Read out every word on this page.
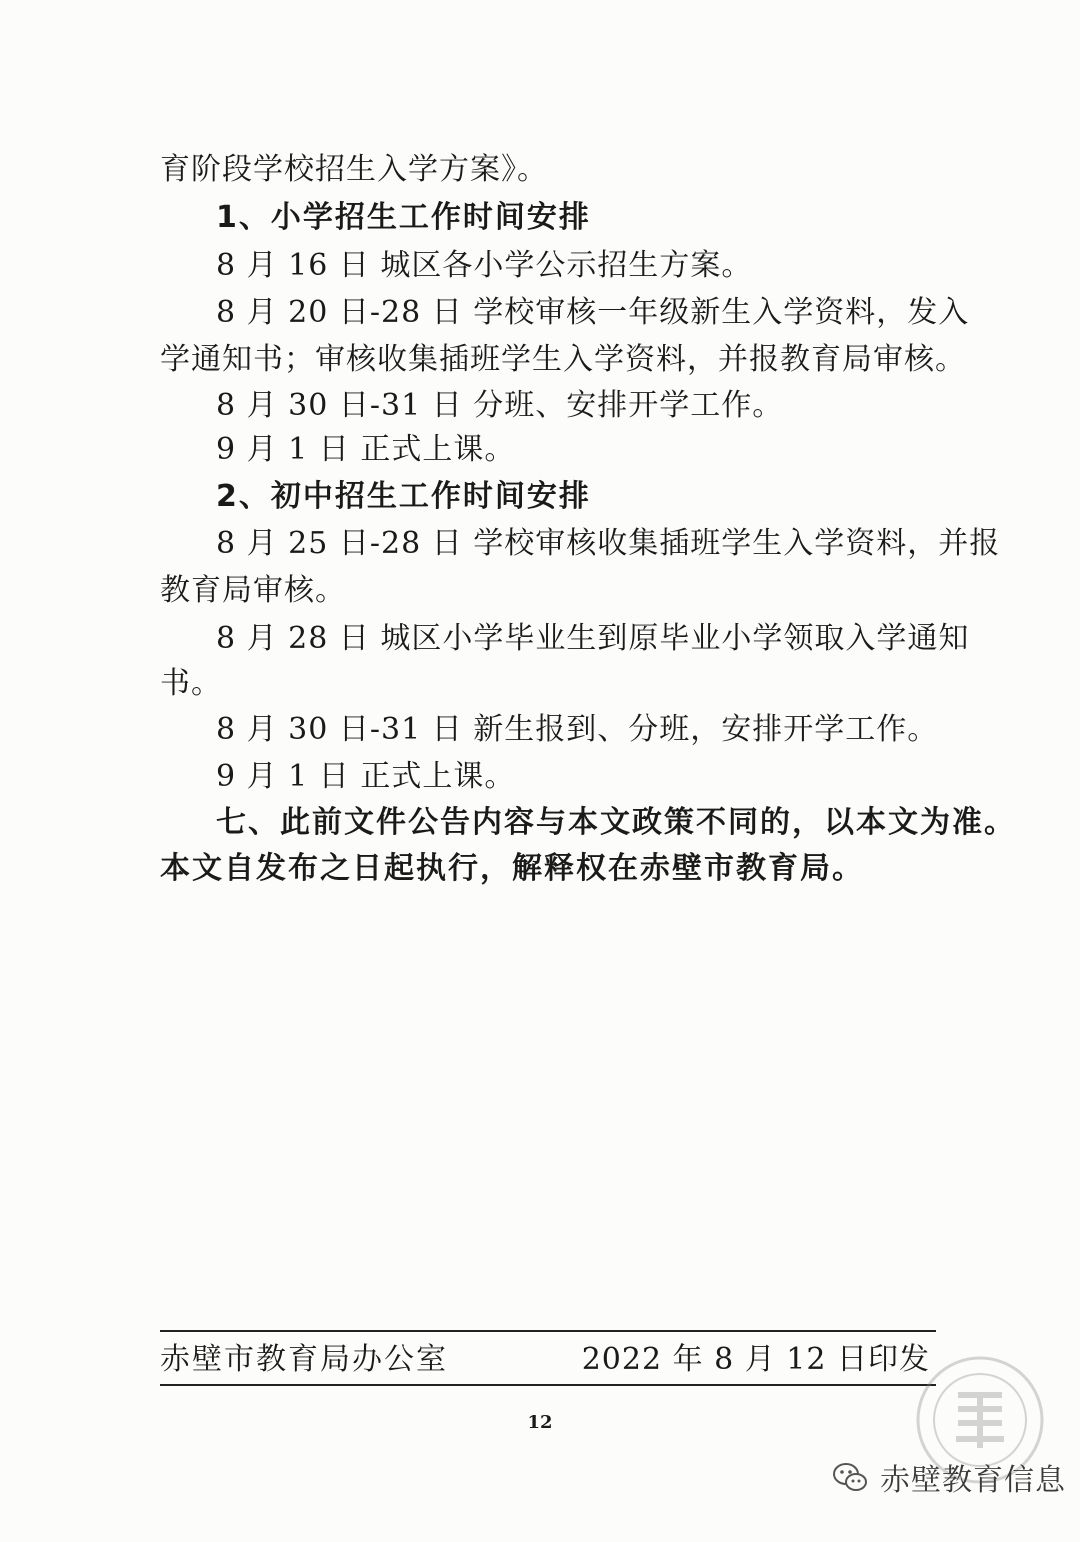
育阶段学校招生入学方案》。
1、小学招生工作时间安排
8 月 16 日 城区各小学公示招生方案。
8 月 20 日-28 日 学校审核一年级新生入学资料，发入
学通知书；审核收集插班学生入学资料，并报教育局审核。
8 月 30 日-31 日 分班、安排开学工作。
9 月 1 日 正式上课。
2、初中招生工作时间安排
8 月 25 日-28 日 学校审核收集插班学生入学资料，并报
教育局审核。
8 月 28 日 城区小学毕业生到原毕业小学领取入学通知
书。
8 月 30 日-31 日 新生报到、分班，安排开学工作。
9 月 1 日 正式上课。
七、此前文件公告内容与本文政策不同的，以本文为准。
本文自发布之日起执行，解释权在赤壁市教育局。
赤壁市教育局办公室	2022 年 8 月 12 日印发
12
赤壁教育信息
